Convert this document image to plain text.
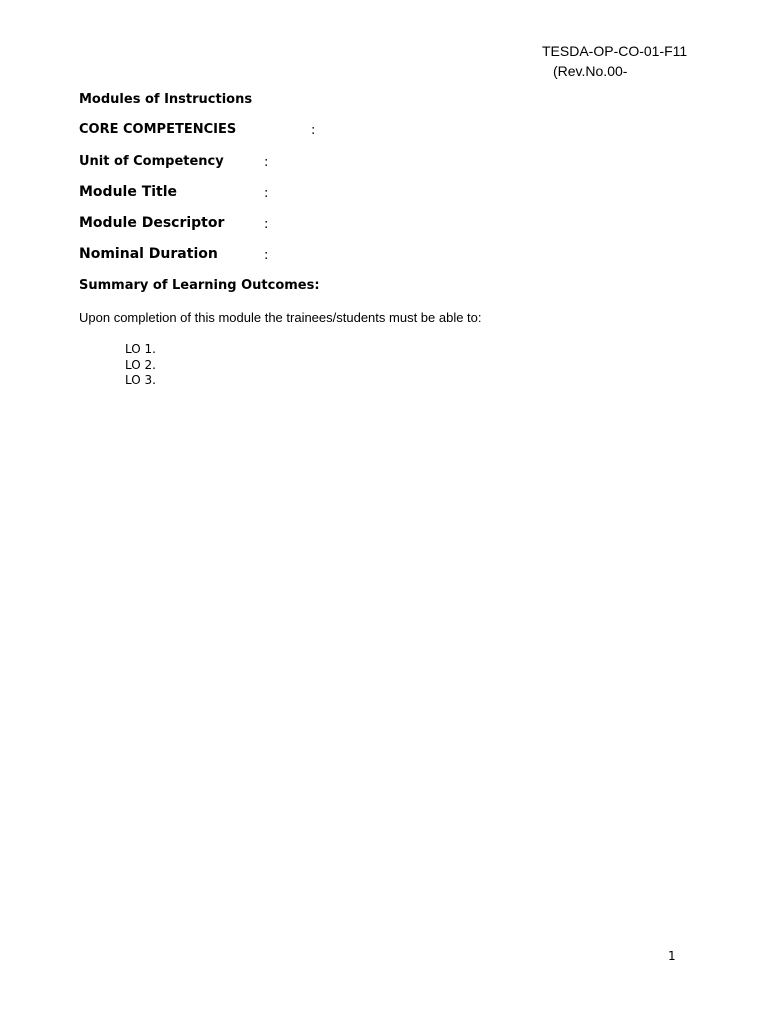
TESDA-OP-CO-01-F11
(Rev.No.00-
Modules of Instructions
CORE COMPETENCIES	:
Unit of Competency	:
Module Title	:
Module Descriptor	:
Nominal Duration	:
Summary of Learning Outcomes:
Upon completion of this module the trainees/students must be able to:
LO 1.
LO 2.
LO 3.
1
